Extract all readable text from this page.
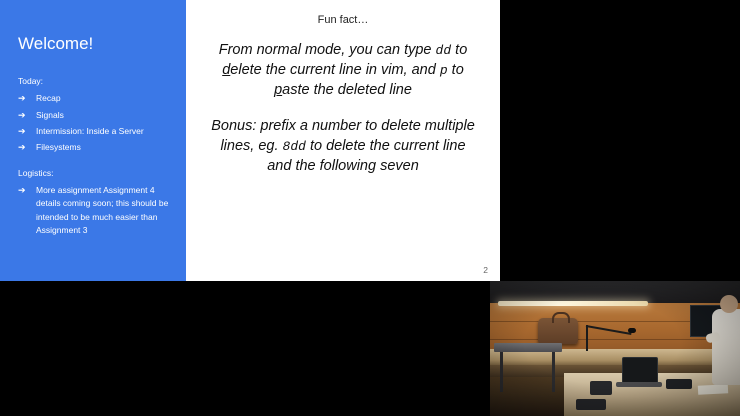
Welcome!

Today:

➔ Recap
➔ Signals
➔ Intermission: Inside a Server
➔ Filesystems

Logistics:

➔ More assignment Assignment 4 details coming soon; this should be intended to be much easier than Assignment 3

Fun fact…

From normal mode, you can type dd to delete the current line in vim, and p to paste the deleted line

Bonus: prefix a number to delete multiple lines, eg. 8dd to delete the current line and the following seven

2
